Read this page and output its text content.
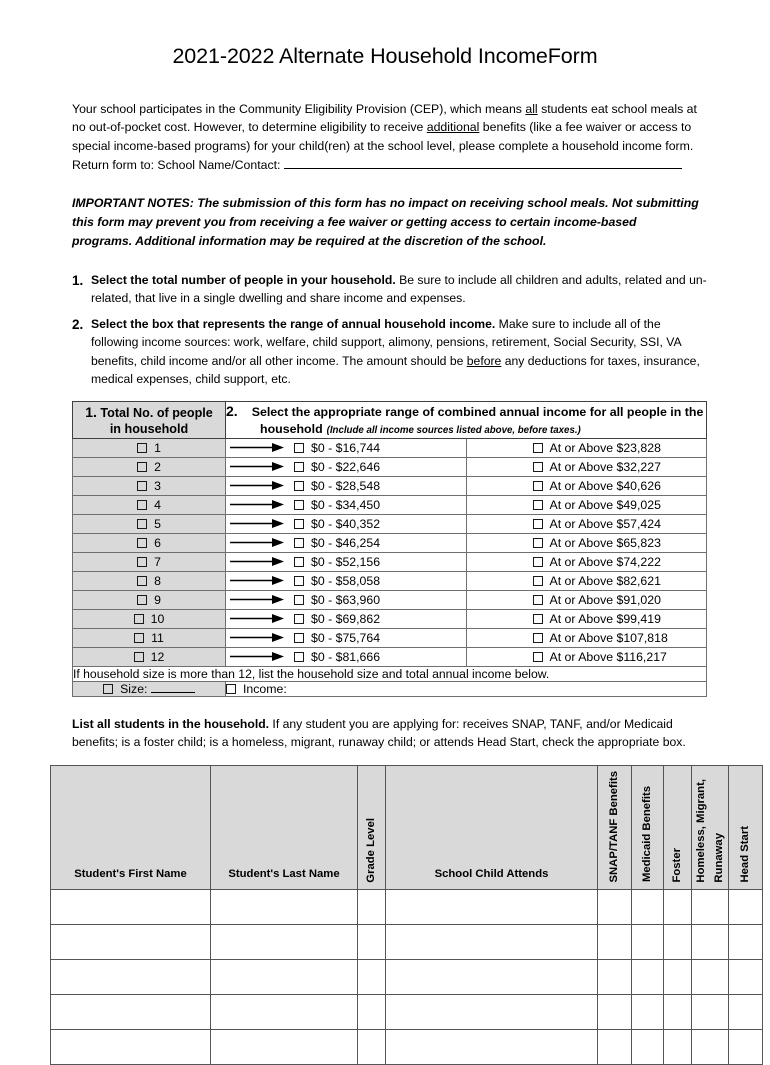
2021-2022 Alternate Household IncomeForm

Your school participates in the Community Eligibility Provision (CEP), which means all students eat school meals at no out-of-pocket cost. However, to determine eligibility to receive additional benefits (like a fee waiver or access to special income-based programs) for your child(ren) at the school level, please complete a household income form.

Return form to: School Name/Contact:

IMPORTANT NOTES: The submission of this form has no impact on receiving school meals. Not submitting this form may prevent you from receiving a fee waiver or getting access to certain income-based programs. Additional information may be required at the discretion of the school.

1. Select the total number of people in your household. Be sure to include all children and adults, related and un-related, that live in a single dwelling and share income and expenses.
2. Select the box that represents the range of annual household income. Make sure to include all of the following income sources: work, welfare, child support, alimony, pensions, retirement, Social Security, SSI, VA benefits, child income and/or all other income. The amount should be before any deductions for taxes, insurance, medical expenses, child support, etc.
1. Total No. of people
in household	2. Select the appropriate range of combined annual income for all people in the
household (Include all income sources listed above, before taxes.)	

1	$0 - $16,744	At or Above $23,828

2	$0 - $22,646	At or Above $32,227

3	$0 - $28,548	At or Above $40,626

4	$0 - $34,450	At or Above $49,025

5	$0 - $40,352	At or Above $57,424

6	$0 - $46,254	At or Above $65,823

7	$0 - $52,156	At or Above $74,222

8	$0 - $58,058	At or Above $82,621

9	$0 - $63,960	At or Above $91,020

10	$0 - $69,862	At or Above $99,419

11	$0 - $75,764	At or Above $107,818

12	$0 - $81,666	At or Above $116,217

If household size is more than 12, list the household size and total annual income below.		
Size:	Income:	

List all students in the household. If any student you are applying for: receives SNAP, TANF, and/or Medicaid benefits; is a foster child; is a homeless, migrant, runaway child; or attends Head Start, check the appropriate box.

Student's First Name	Student's Last Name	Grade Level	School Child Attends	SNAP/TANF Benefits	Medicaid Benefits	Foster	Homeless, Migrant, Runaway	Head Start
